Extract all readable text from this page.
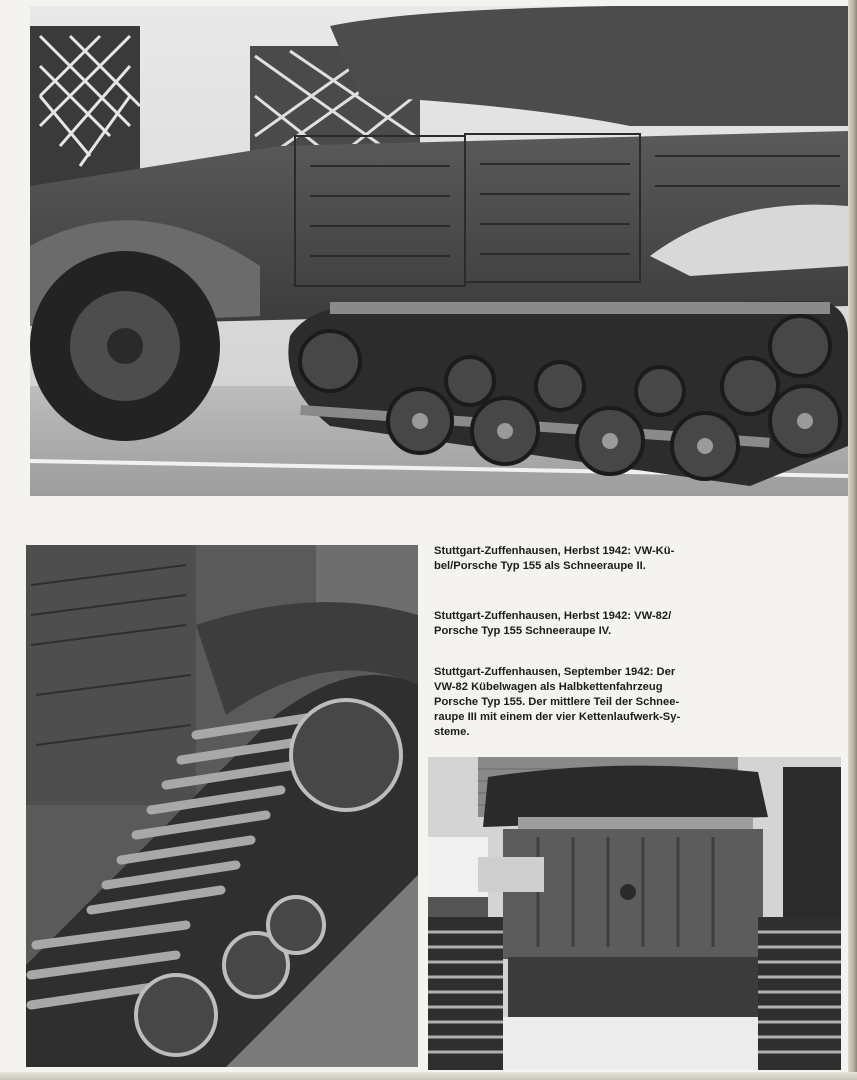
Stuttgart-Zuffenhausen, Herbst 1942: VW-Kü-
bel/Porsche Typ 155 als Schneeraupe II.

Stuttgart-Zuffenhausen, Herbst 1942: VW-82/
Porsche Typ 155 Schneeraupe IV.

Stuttgart-Zuffenhausen, September 1942: Der
VW-82 Kübelwagen als Halbkettenfahrzeug
Porsche Typ 155. Der mittlere Teil der Schnee-
raupe III mit einem der vier Kettenlaufwerk-Sy-
steme.
